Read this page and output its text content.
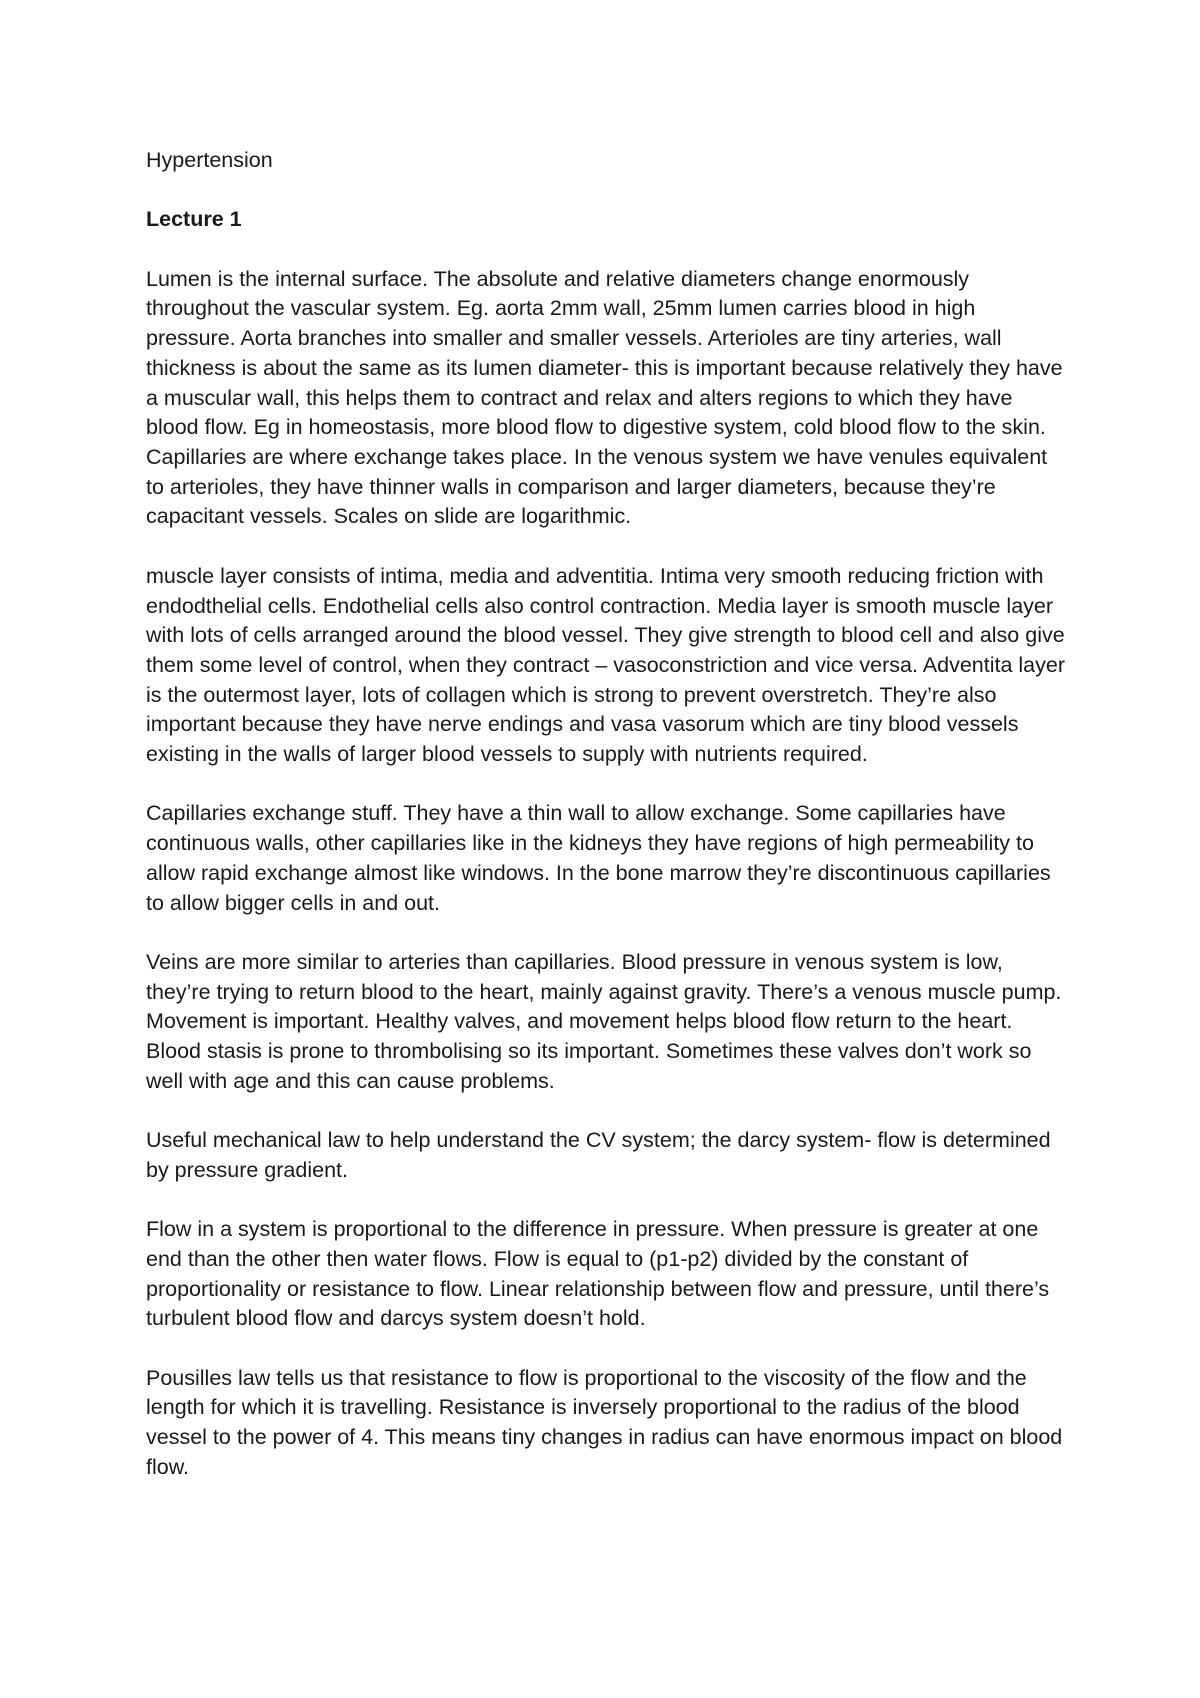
Hypertension

Lecture 1

Lumen is the internal surface. The absolute and relative diameters change enormously throughout the vascular system. Eg. aorta 2mm wall, 25mm lumen carries blood in high pressure. Aorta branches into smaller and smaller vessels. Arterioles are tiny arteries, wall thickness is about the same as its lumen diameter- this is important because relatively they have a muscular wall, this helps them to contract and relax and alters regions to which they have blood flow. Eg in homeostasis, more blood flow to digestive system, cold blood flow to the skin. Capillaries are where exchange takes place. In the venous system we have venules equivalent to arterioles, they have thinner walls in comparison and larger diameters, because they’re capacitant vessels. Scales on slide are logarithmic.

muscle layer consists of intima, media and adventitia. Intima very smooth reducing friction with endodthelial cells. Endothelial cells also control contraction. Media layer is smooth muscle layer with lots of cells arranged around the blood vessel. They give strength to blood cell and also give them some level of control, when they contract – vasoconstriction and vice versa. Adventita layer is the outermost layer, lots of collagen which is strong to prevent overstretch. They’re also important because they have nerve endings and vasa vasorum which are tiny blood vessels existing in the walls of larger blood vessels to supply with nutrients required.

Capillaries exchange stuff. They have a thin wall to allow exchange. Some capillaries have continuous walls, other capillaries like in the kidneys they have regions of high permeability to allow rapid exchange almost like windows. In the bone marrow they’re discontinuous capillaries to allow bigger cells in and out.

Veins are more similar to arteries than capillaries. Blood pressure in venous system is low, they’re trying to return blood to the heart, mainly against gravity. There’s a venous muscle pump. Movement is important. Healthy valves, and movement helps blood flow return to the heart. Blood stasis is prone to thrombolising so its important. Sometimes these valves don’t work so well with age and this can cause problems.

Useful mechanical law to help understand the CV system; the darcy system- flow is determined by pressure gradient.

Flow in a system is proportional to the difference in pressure. When pressure is greater at one end than the other then water flows. Flow is equal to (p1-p2) divided by the constant of proportionality or resistance to flow. Linear relationship between flow and pressure, until there’s turbulent blood flow and darcys system doesn’t hold.

Pousilles law tells us that resistance to flow is proportional to the viscosity of the flow and the length for which it is travelling. Resistance is inversely proportional to the radius of the blood vessel to the power of 4. This means tiny changes in radius can have enormous impact on blood flow.
